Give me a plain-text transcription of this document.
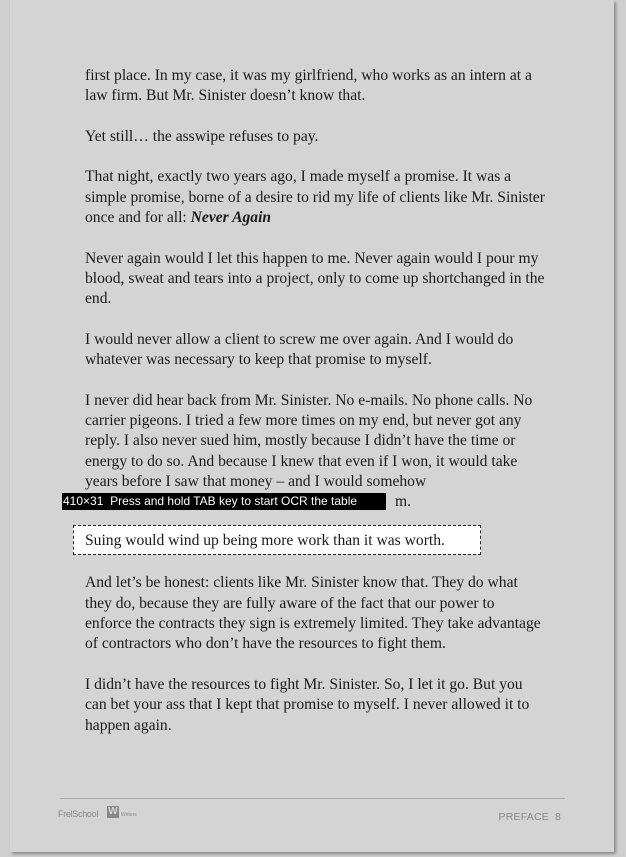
first place. In my case, it was my girlfriend, who works as an intern at a law firm. But Mr. Sinister doesn’t know that.

Yet still… the asswipe refuses to pay.

That night, exactly two years ago, I made myself a promise. It was a simple promise, borne of a desire to rid my life of clients like Mr. Sinister once and for all: Never Again

Never again would I let this happen to me. Never again would I pour my blood, sweat and tears into a project, only to come up shortchanged in the end.

I would never allow a client to screw me over again. And I would do whatever was necessary to keep that promise to myself.

I never did hear back from Mr. Sinister. No e-mails. No phone calls. No carrier pigeons. I tried a few more times on my end, but never got any reply. I also never sued him, mostly because I didn’t have the time or energy to do so. And because I knew that even if I won, it would take years before I saw that money – and I would somehow
m.

And let’s be honest: clients like Mr. Sinister know that. They do what they do, because they are fully aware of the fact that our power to enforce the contracts they sign is extremely limited. They take advantage of contractors who don’t have the resources to fight them.

I didn’t have the resources to fight Mr. Sinister. So, I let it go. But you can bet your ass that I kept that promise to myself. I never allowed it to happen again.

Suing would wind up being more work than it was worth.
FrelSchool W Writers	PREFACE 8
410×31 Press and hold TAB key to start OCR the table
